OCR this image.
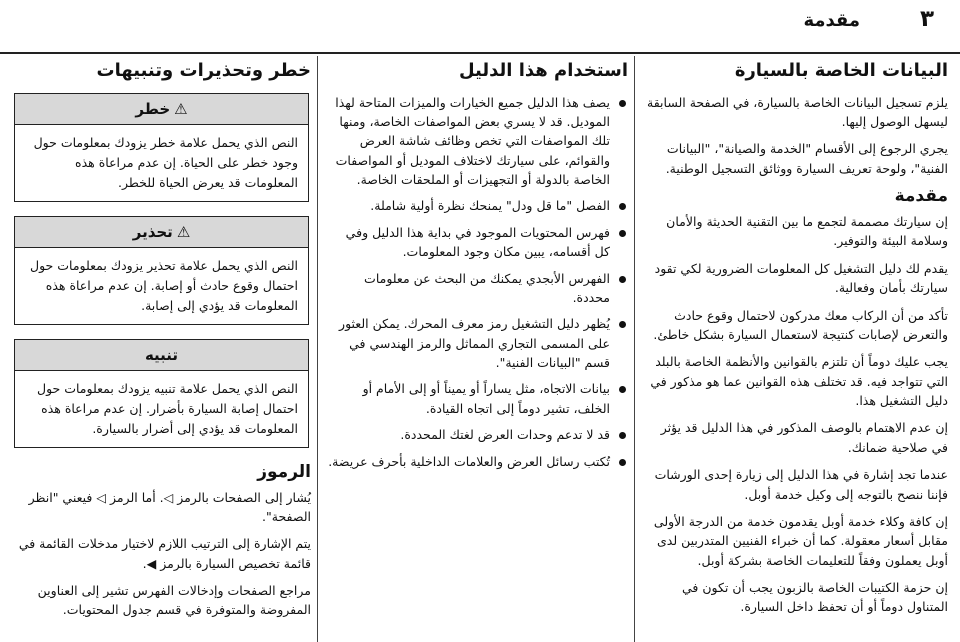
٣
مقدمة
البيانات الخاصة بالسيارة

يلزم تسجيل البيانات الخاصة بالسيارة، في الصفحة السابقة ليسهل الوصول إليها.

يجري الرجوع إلى الأقسام "الخدمة والصيانة"، "البيانات الفنية"، ولوحة تعريف السيارة ووثائق التسجيل الوطنية.

مقدمة

إن سيارتك مصممة لتجمع ما بين التقنية الحديثة والأمان وسلامة البيئة والتوفير.

يقدم لك دليل التشغيل كل المعلومات الضرورية لكي تقود سيارتك بأمان وفعالية.

تأكد من أن الركاب معك مدركون لاحتمال وقوع حادث والتعرض لإصابات كنتيجة لاستعمال السيارة بشكل خاطئ.

يجب عليك دوماً أن تلتزم بالقوانين والأنظمة الخاصة بالبلد التي تتواجد فيه. قد تختلف هذه القوانين عما هو مذكور في دليل التشغيل هذا.

إن عدم الاهتمام بالوصف المذكور في هذا الدليل قد يؤثر في صلاحية ضمانك.

عندما تجد إشارة في هذا الدليل إلى زيارة إحدى الورشات فإننا ننصح بالتوجه إلى وكيل خدمة أوبل.

إن كافة وكلاء خدمة أوبل يقدمون خدمة من الدرجة الأولى مقابل أسعار معقولة. كما أن خبراء الفنيين المتدربين لدى أوبل يعملون وفقاً للتعليمات الخاصة بشركة أوبل.

إن حزمة الكتيبات الخاصة بالزبون يجب أن تكون في المتناول دوماً أو أن تحفظ داخل السيارة.

استخدام هذا الدليل
يصف هذا الدليل جميع الخيارات والميزات المتاحة لهذا الموديل. قد لا يسري بعض المواصفات الخاصة، ومنها تلك المواصفات التي تخص وظائف شاشة العرض والقوائم، على سيارتك لاختلاف الموديل أو المواصفات الخاصة بالدولة أو التجهيزات أو الملحقات الخاصة.
الفصل "ما قل ودل" يمنحك نظرة أولية شاملة.
فهرس المحتويات الموجود في بداية هذا الدليل وفي كل أقسامه، يبين مكان وجود المعلومات.
الفهرس الأبجدي يمكنك من البحث عن معلومات محددة.
يُظهر دليل التشغيل رمز معرف المحرك. يمكن العثور على المسمى التجاري المماثل والرمز الهندسي في قسم "البيانات الفنية".
بيانات الاتجاه، مثل يساراً أو يميناً أو إلى الأمام أو الخلف، تشير دوماً إلى اتجاه القيادة.
قد لا تدعم وحدات العرض لغتك المحددة.
تُكتب رسائل العرض والعلامات الداخلية بأحرف عريضة.
خطر وتحذيرات وتنبيهات
⚠
خطر
النص الذي يحمل علامة خطر يزودك بمعلومات حول وجود خطر على الحياة. إن عدم مراعاة هذه المعلومات قد يعرض الحياة للخطر.
⚠
تحذير
النص الذي يحمل علامة تحذير يزودك بمعلومات حول احتمال وقوع حادث أو إصابة. إن عدم مراعاة هذه المعلومات قد يؤدي إلى إصابة.
تنبيه
النص الذي يحمل علامة تنبيه يزودك بمعلومات حول احتمال إصابة السيارة بأضرار. إن عدم مراعاة هذه المعلومات قد يؤدي إلى أضرار بالسيارة.
الرموز

يُشار إلى الصفحات بالرمز ◁. أما الرمز ◁ فيعني "انظر الصفحة".

يتم الإشارة إلى الترتيب اللازم لاختيار مدخلات القائمة في قائمة تخصيص السيارة بالرمز ◀.

مراجع الصفحات وإدخالات الفهرس تشير إلى العناوين المفروضة والمتوفرة في قسم جدول المحتويات.
